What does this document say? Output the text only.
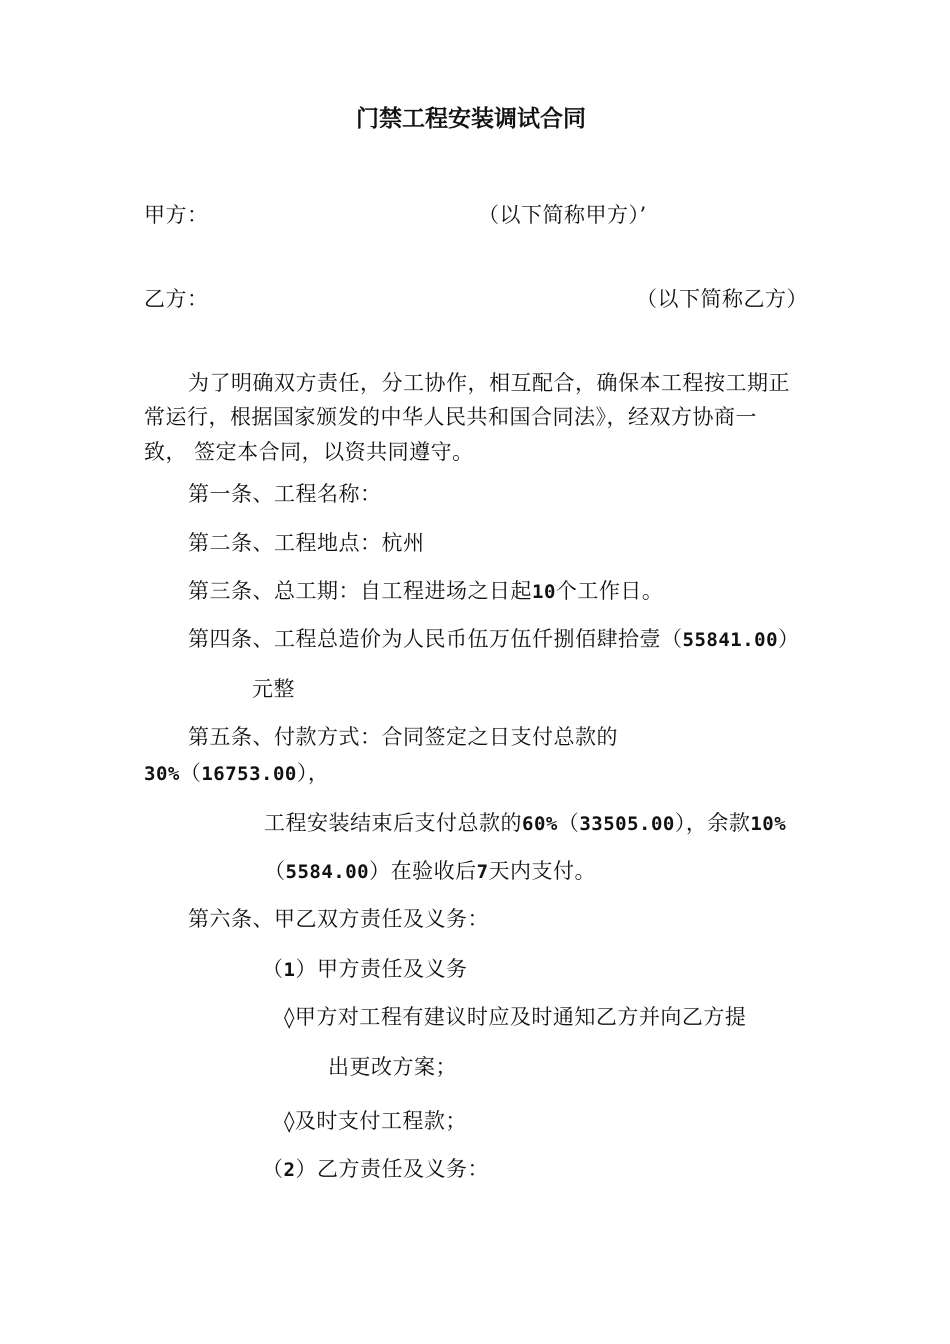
门禁工程安装调试合同
甲方：	（以下简称甲方）’
乙方：	（以下简称乙方）
为了明确双方责任，分工协作，相互配合，确保本工程按工期正
常运行，根据国家颁发的中华人民共和国合同法》，经双方协商一
致， 签定本合同，以资共同遵守。
第一条、工程名称：
第二条、工程地点：杭州
第三条、总工期：自工程进场之日起10个工作日。
第四条、工程总造价为人民币伍万伍仟捌佰肆拾壹（55841.00）
元整
第五条、付款方式：合同签定之日支付总款的
30%（16753.00），
工程安装结束后支付总款的60%（33505.00），余款10%
（5584.00）在验收后7天内支付。
第六条、甲乙双方责任及义务：
（1）甲方责任及义务
◊甲方对工程有建议时应及时通知乙方并向乙方提
出更改方案；
◊及时支付工程款；
（2）乙方责任及义务：
